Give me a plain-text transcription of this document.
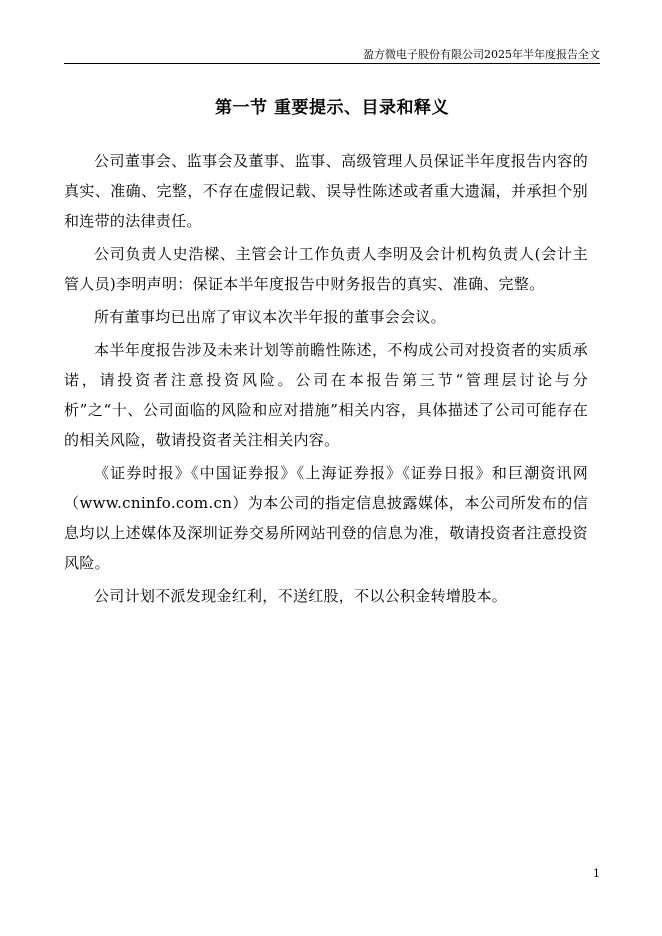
盈方微电子股份有限公司2025年半年度报告全文
第一节 重要提示、目录和释义

公司董事会、监事会及董事、监事、高级管理人员保证半年度报告内容的真实、准确、完整，不存在虚假记载、误导性陈述或者重大遗漏，并承担个别和连带的法律责任。

公司负责人史浩樑、主管会计工作负责人李明及会计机构负责人(会计主管人员)李明声明：保证本半年度报告中财务报告的真实、准确、完整。

所有董事均已出席了审议本次半年报的董事会会议。

本半年度报告涉及未来计划等前瞻性陈述，不构成公司对投资者的实质承诺，请投资者注意投资风险。公司在本报告第三节“管理层讨论与分析”之“十、公司面临的风险和应对措施”相关内容，具体描述了公司可能存在的相关风险，敬请投资者关注相关内容。

《证券时报》《中国证券报》《上海证券报》《证券日报》和巨潮资讯网（www.cninfo.com.cn）为本公司的指定信息披露媒体，本公司所发布的信息均以上述媒体及深圳证券交易所网站刊登的信息为准，敬请投资者注意投资风险。

公司计划不派发现金红利，不送红股，不以公积金转增股本。

1
